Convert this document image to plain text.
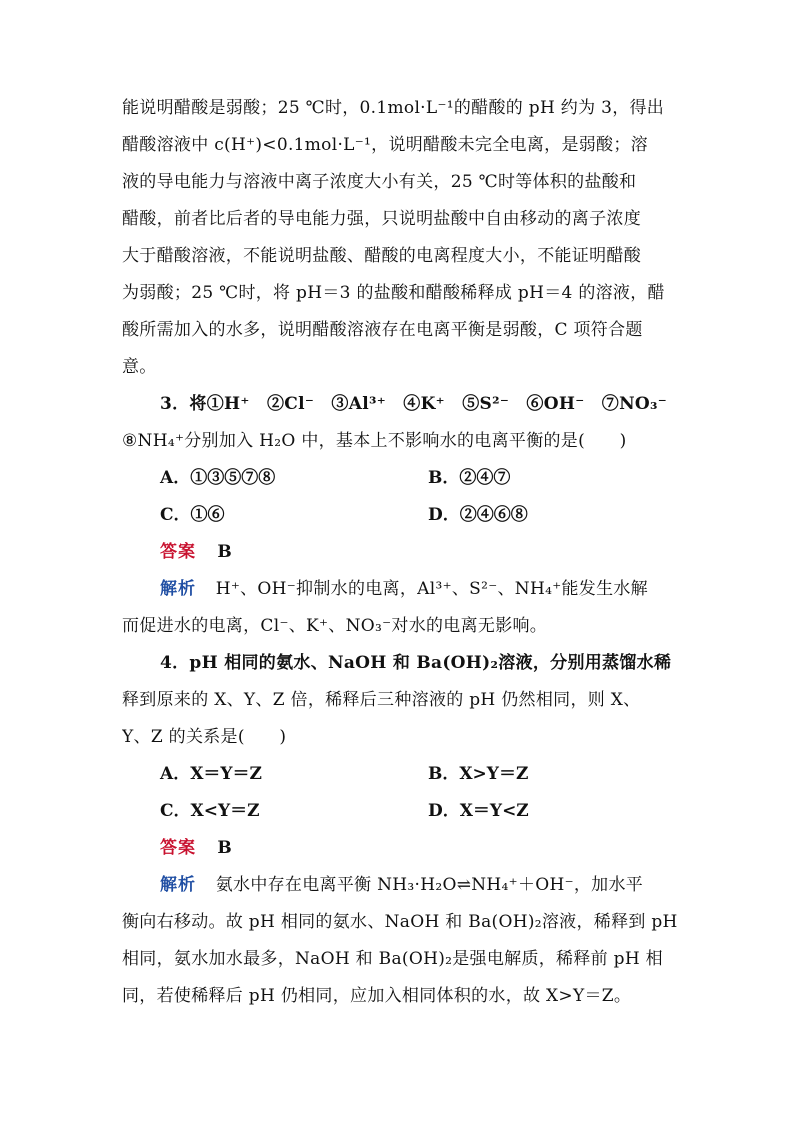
能说明醋酸是弱酸；25 ℃时，0.1mol·L⁻¹的醋酸的 pH 约为 3，得出
醋酸溶液中 c(H⁺)<0.1mol·L⁻¹，说明醋酸未完全电离，是弱酸；溶
液的导电能力与溶液中离子浓度大小有关，25 ℃时等体积的盐酸和
醋酸，前者比后者的导电能力强，只说明盐酸中自由移动的离子浓度
大于醋酸溶液，不能说明盐酸、醋酸的电离程度大小，不能证明醋酸
为弱酸；25 ℃时，将 pH＝3 的盐酸和醋酸稀释成 pH＝4 的溶液，醋
酸所需加入的水多，说明醋酸溶液存在电离平衡是弱酸，C 项符合题
意。
3．将①H⁺　②Cl⁻　③Al³⁺　④K⁺　⑤S²⁻　⑥OH⁻　⑦NO₃⁻
⑧NH₄⁺分别加入 H₂O 中，基本上不影响水的电离平衡的是(　　)
A．①③⑤⑦⑧	B．②④⑦
C．①⑥	D．②④⑥⑧
答案 B
解析 H⁺、OH⁻抑制水的电离，Al³⁺、S²⁻、NH₄⁺能发生水解
而促进水的电离，Cl⁻、K⁺、NO₃⁻对水的电离无影响。
4．pH 相同的氨水、NaOH 和 Ba(OH)₂溶液，分别用蒸馏水稀
释到原来的 X、Y、Z 倍，稀释后三种溶液的 pH 仍然相同，则 X、
Y、Z 的关系是(　　)
A．X＝Y＝Z	B．X>Y＝Z
C．X<Y＝Z	D．X＝Y<Z
答案 B
解析 氨水中存在电离平衡 NH₃·H₂O⇌NH₄⁺＋OH⁻，加水平
衡向右移动。故 pH 相同的氨水、NaOH 和 Ba(OH)₂溶液，稀释到 pH
相同，氨水加水最多，NaOH 和 Ba(OH)₂是强电解质，稀释前 pH 相
同，若使稀释后 pH 仍相同，应加入相同体积的水，故 X>Y＝Z。
